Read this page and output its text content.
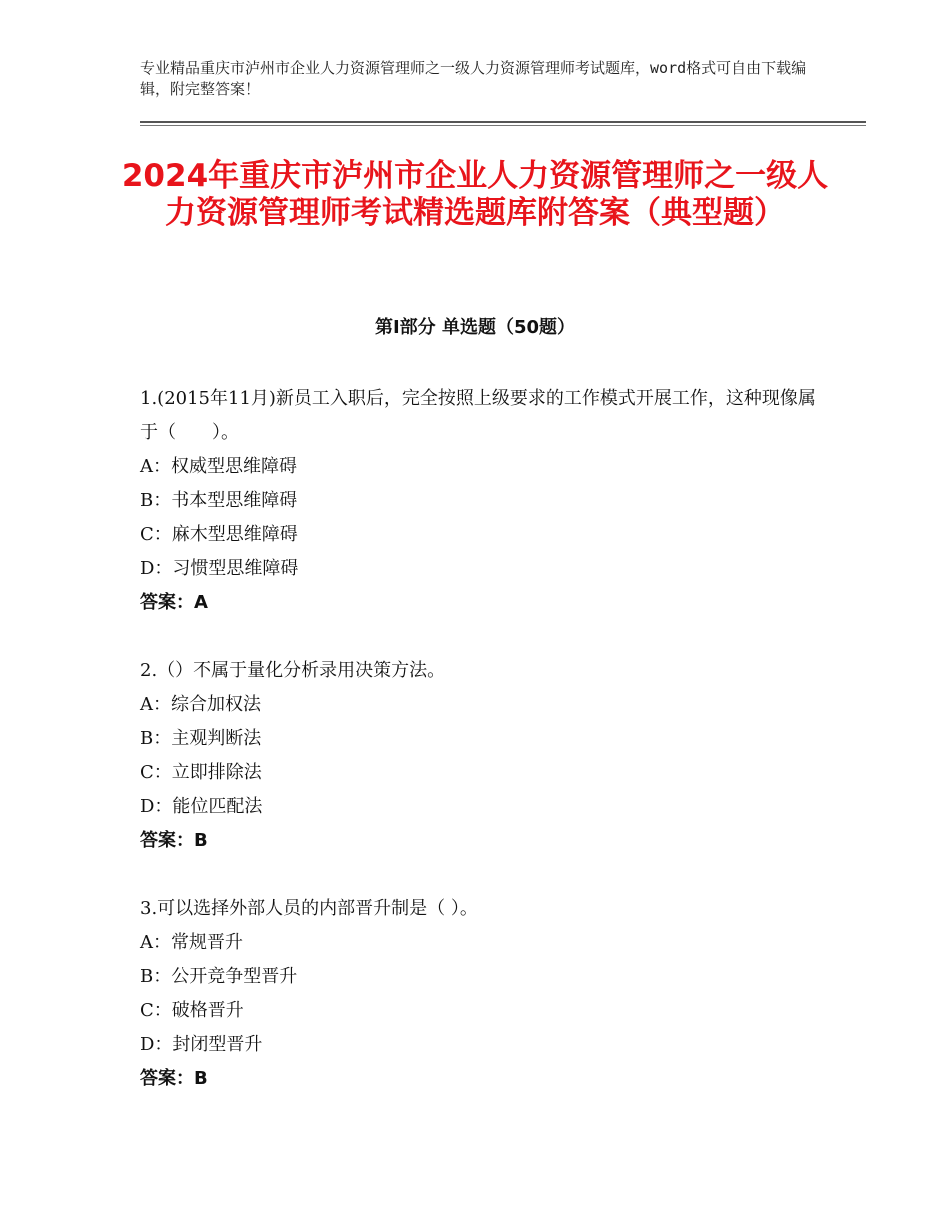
专业精品重庆市泸州市企业人力资源管理师之一级人力资源管理师考试题库，word格式可自由下载编辑，附完整答案！
2024年重庆市泸州市企业人力资源管理师之一级人力资源管理师考试精选题库附答案（典型题）
第Ⅰ部分 单选题（50题）

1.(2015年11月)新员工入职后，完全按照上级要求的工作模式开展工作，这种现像属于（　　）。

A：权威型思维障碍

B：书本型思维障碍

C：麻木型思维障碍

D：习惯型思维障碍

答案：A

2.（）不属于量化分析录用决策方法。

A：综合加权法

B：主观判断法

C：立即排除法

D：能位匹配法

答案：B

3.可以选择外部人员的内部晋升制是（ ）。

A：常规晋升

B：公开竞争型晋升

C：破格晋升

D：封闭型晋升

答案：B
